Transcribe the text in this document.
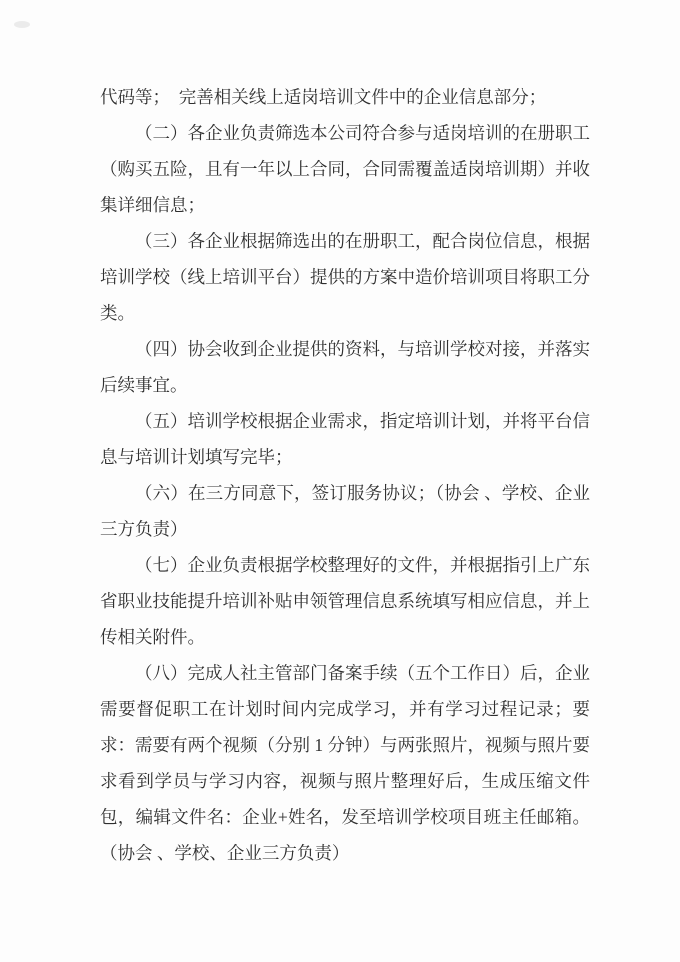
代码等；　完善相关线上适岗培训文件中的企业信息部分；

（二）各企业负责筛选本公司符合参与适岗培训的在册职工（购买五险，且有一年以上合同，合同需覆盖适岗培训期）并收集详细信息；

（三）各企业根据筛选出的在册职工，配合岗位信息，根据培训学校（线上培训平台）提供的方案中造价培训项目将职工分类。

（四）协会收到企业提供的资料，与培训学校对接，并落实后续事宜。

（五）培训学校根据企业需求，指定培训计划，并将平台信息与培训计划填写完毕；

（六）在三方同意下，签订服务协议；（协会 、学校、企业三方负责）

（七）企业负责根据学校整理好的文件，并根据指引上广东省职业技能提升培训补贴申领管理信息系统填写相应信息，并上传相关附件。

（八）完成人社主管部门备案手续（五个工作日）后，企业需要督促职工在计划时间内完成学习，并有学习过程记录；要求：需要有两个视频（分别 1 分钟）与两张照片，视频与照片要求看到学员与学习内容，视频与照片整理好后，生成压缩文件包，编辑文件名：企业+姓名，发至培训学校项目班主任邮箱。（协会 、学校、企业三方负责）
